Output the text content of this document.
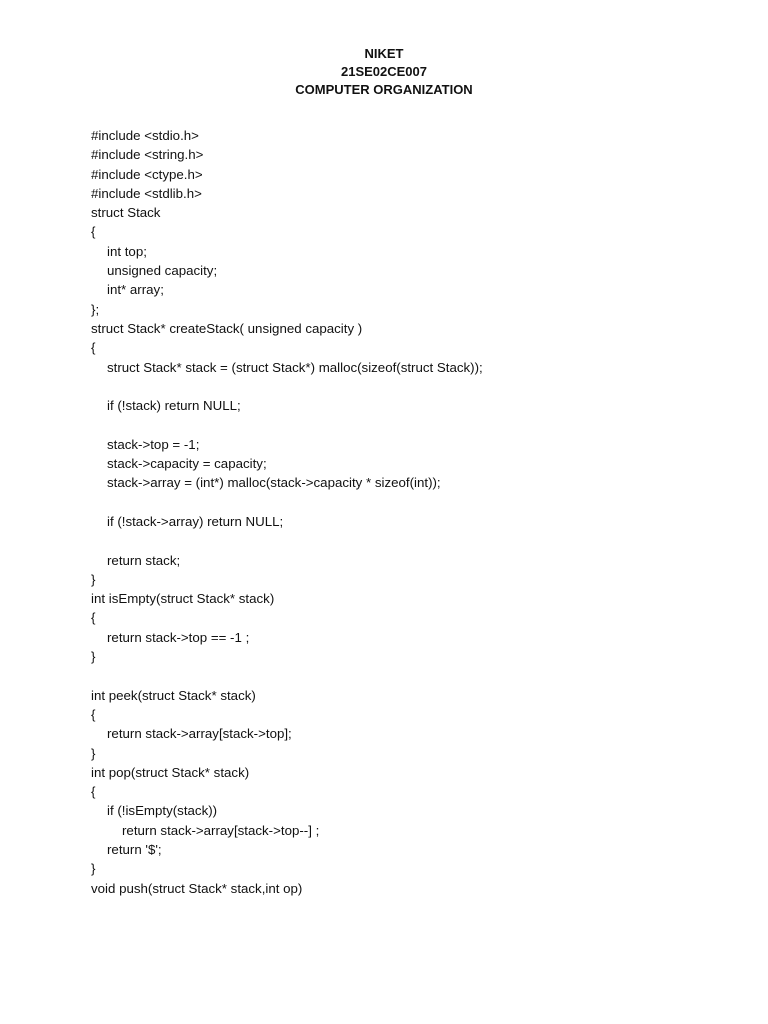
NIKET
21SE02CE007
COMPUTER ORGANIZATION
#include <stdio.h>
#include <string.h>
#include <ctype.h>
#include <stdlib.h>
struct Stack
{
int top;
unsigned capacity;
int* array;
};
struct Stack* createStack( unsigned capacity )
{
struct Stack* stack = (struct Stack*) malloc(sizeof(struct Stack));
if (!stack) return NULL;
stack->top = -1;
stack->capacity = capacity;
stack->array = (int*) malloc(stack->capacity * sizeof(int));
if (!stack->array) return NULL;
return stack;
}
int isEmpty(struct Stack* stack)
{
return stack->top == -1 ;
}
int peek(struct Stack* stack)
{
return stack->array[stack->top];
}
int pop(struct Stack* stack)
{
if (!isEmpty(stack))
return stack->array[stack->top--] ;
return '$';
}
void push(struct Stack* stack,int op)
